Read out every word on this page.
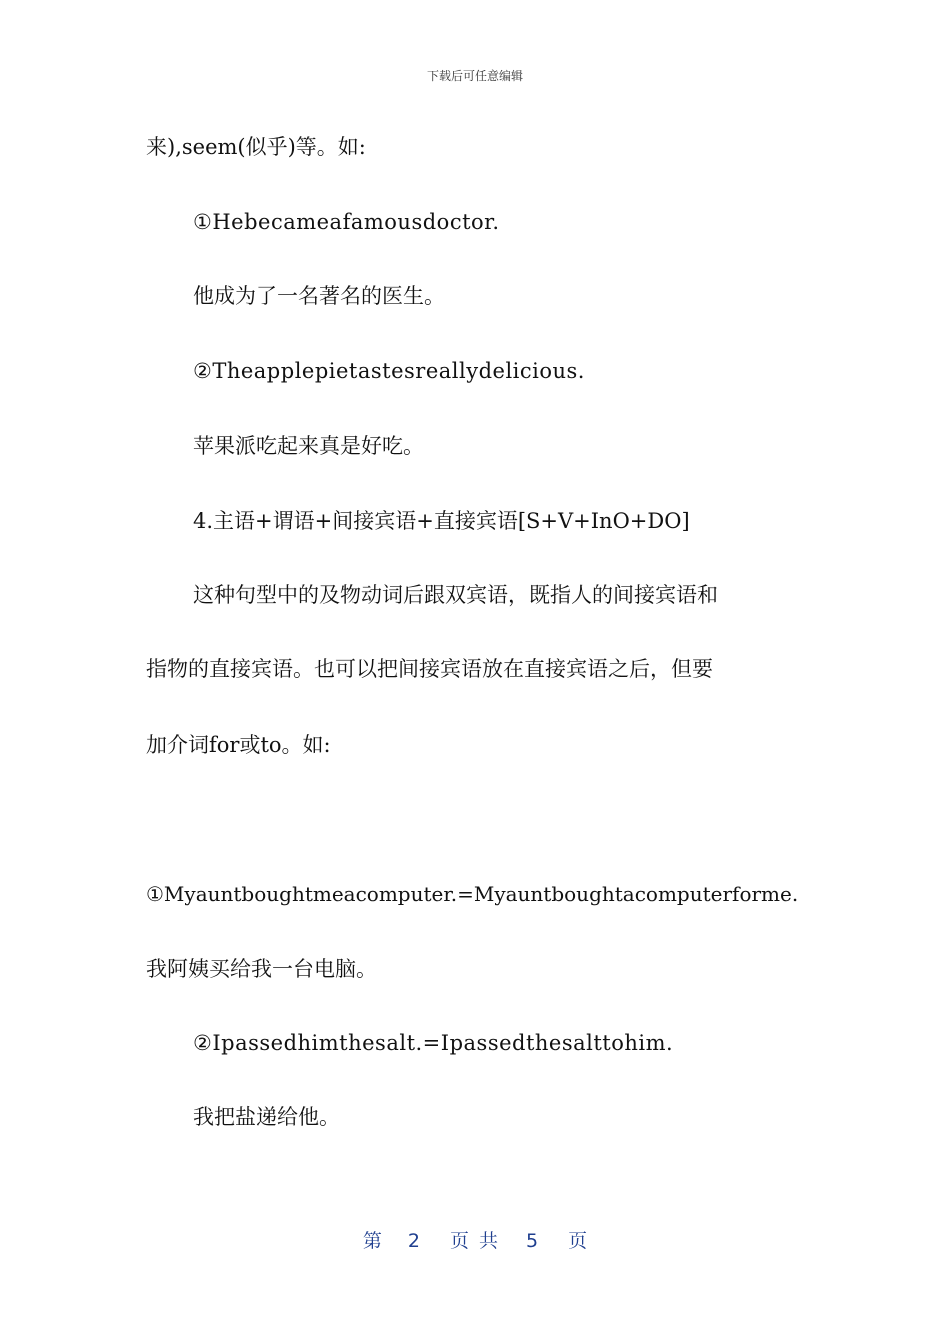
下载后可任意编辑
来),seem(似乎)等。如:
①Hebecameafamousdoctor.
他成为了一名著名的医生。
②Theapplepietastesreallydelicious.
苹果派吃起来真是好吃。
4.主语+谓语+间接宾语+直接宾语[S+V+InO+DO]
这种句型中的及物动词后跟双宾语，既指人的间接宾语和
指物的直接宾语。也可以把间接宾语放在直接宾语之后，但要
加介词for或to。如:
①Myauntboughtmeacomputer.=Myauntboughtacomputerforme.
我阿姨买给我一台电脑。
②Ipassedhimthesalt.=Ipassedthesalttohim.
我把盐递给他。
第 2 页共 5 页
